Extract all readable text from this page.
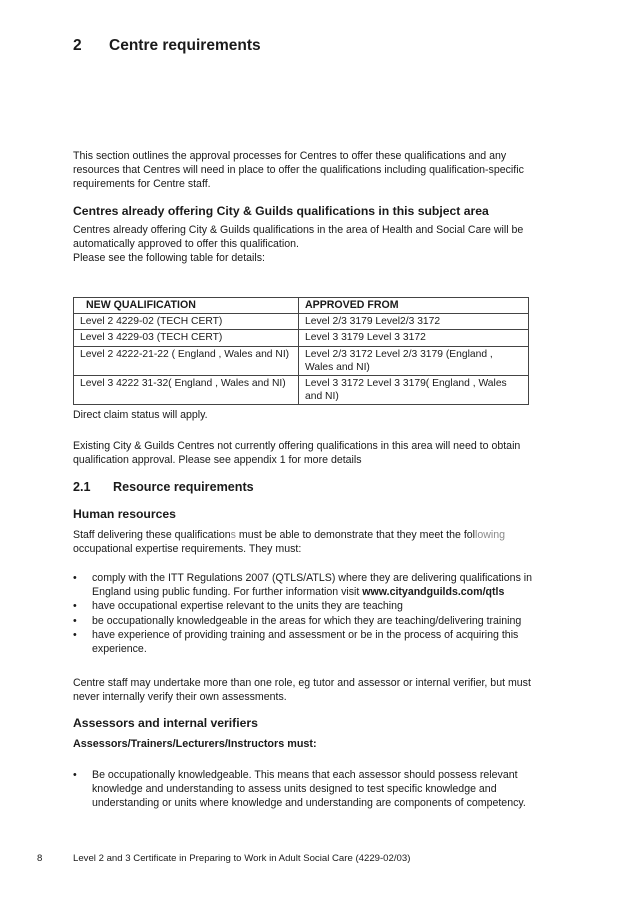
2 Centre requirements
This section outlines the approval processes for Centres to offer these qualifications and any resources that Centres will need in place to offer the qualifications including qualification-specific requirements for Centre staff.
Centres already offering City & Guilds qualifications in this subject area
Centres already offering City & Guilds qualifications in the area of Health and Social Care will be automatically approved to offer this qualification.
Please see the following table for details:
NEW QUALIFICATION	APPROVED FROM
Level 2 4229-02 (TECH CERT)	Level 2/3 3179 Level2/3 3172
Level 3 4229-03 (TECH CERT)	Level 3 3179 Level 3 3172
Level 2 4222-21-22 ( England , Wales and NI)	Level 2/3 3172 Level 2/3 3179 (England , Wales and NI)
Level 3 4222 31-32( England , Wales and NI)	Level 3 3172 Level 3 3179( England , Wales and NI)
Direct claim status will apply.
Existing City & Guilds Centres not currently offering qualifications in this area will need to obtain qualification approval. Please see appendix 1 for more details
2.1 Resource requirements
Human resources
Staff delivering these qualifications must be able to demonstrate that they meet the following occupational expertise requirements. They must:
• comply with the ITT Regulations 2007 (QTLS/ATLS) where they are delivering qualifications in England using public funding. For further information visit www.cityandguilds.com/qtls
• have occupational expertise relevant to the units they are teaching
• be occupationally knowledgeable in the areas for which they are teaching/delivering training
• have experience of providing training and assessment or be in the process of acquiring this experience.
Centre staff may undertake more than one role, eg tutor and assessor or internal verifier, but must never internally verify their own assessments.
Assessors and internal verifiers
Assessors/Trainers/Lecturers/Instructors must:
• Be occupationally knowledgeable. This means that each assessor should possess relevant knowledge and understanding to assess units designed to test specific knowledge and understanding or units where knowledge and understanding are components of competency.
8	Level 2 and 3 Certificate in Preparing to Work in Adult Social Care (4229-02/03)
